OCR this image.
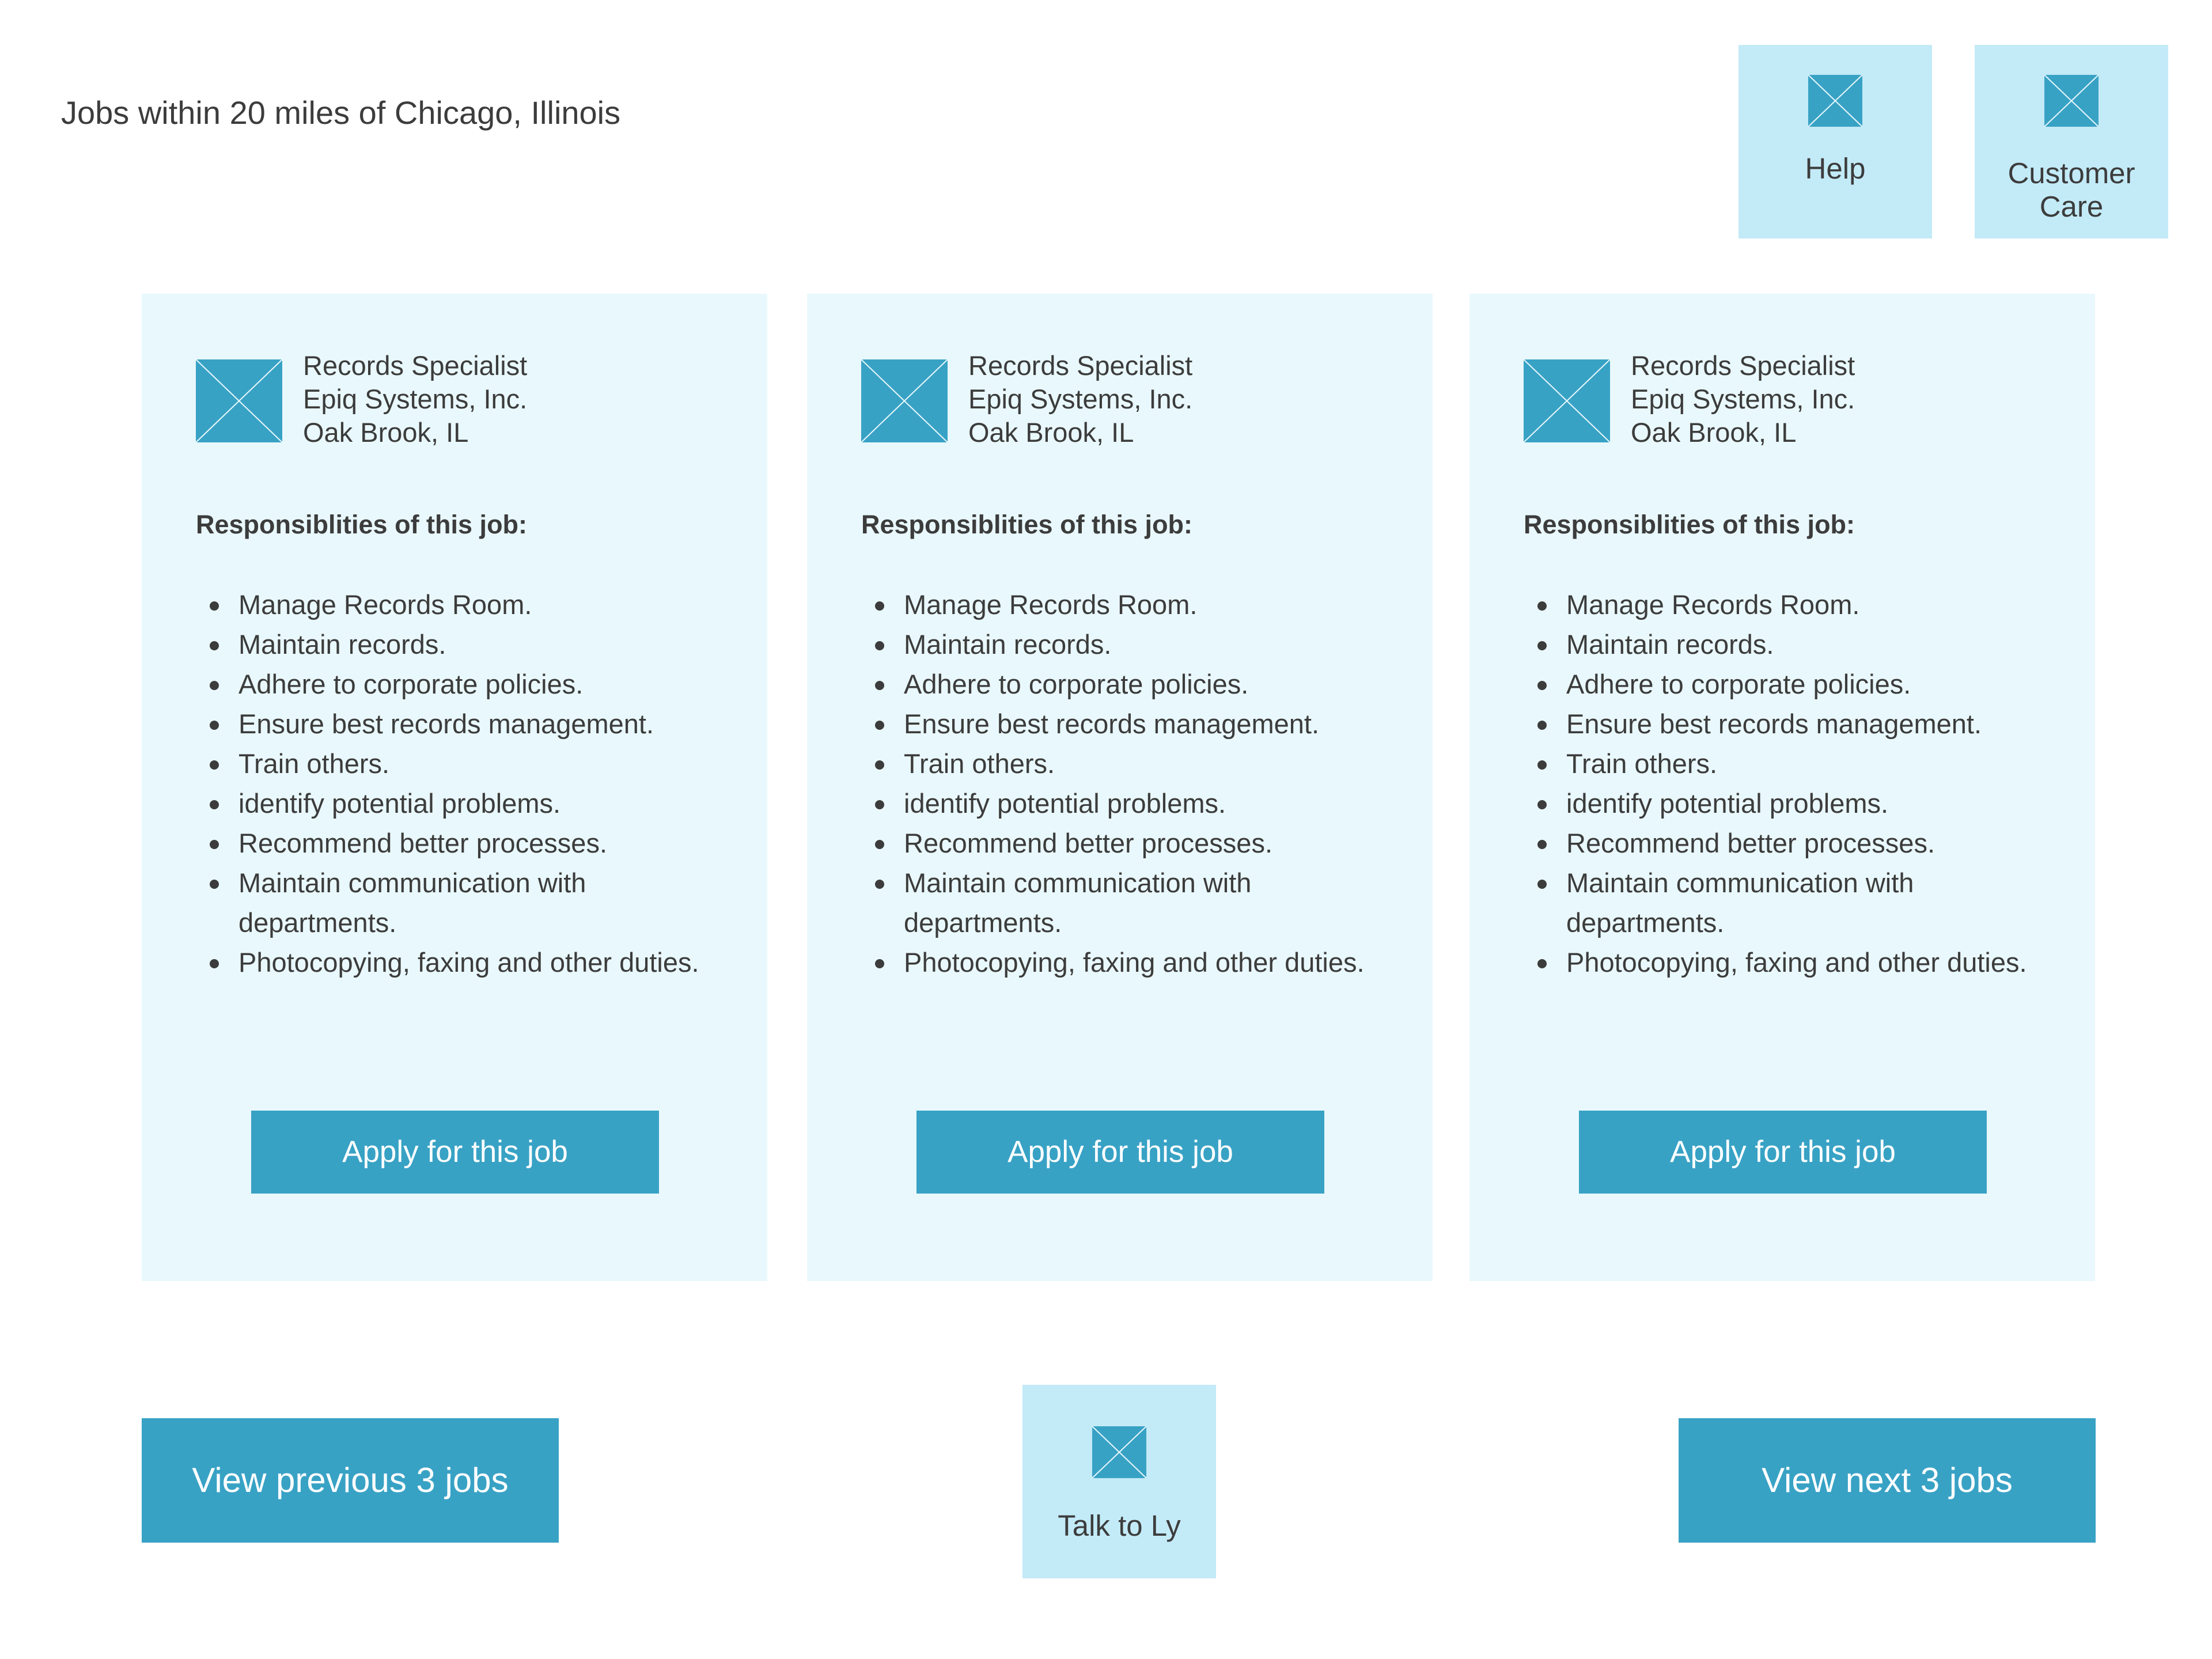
Jobs within 20 miles of Chicago, Illinois
Help	Customer
Care
Records Specialist
Epiq Systems, Inc.
Oak Brook, IL

Responsiblities of this job:

Manage Records Room.
Maintain records.
Adhere to corporate policies.
Ensure best records management.
Train others.
identify potential problems.
Recommend better processes.
Maintain communication with departments.
Photocopying, faxing and other duties.
Apply for this job
Records Specialist
Epiq Systems, Inc.
Oak Brook, IL

Responsiblities of this job:

Manage Records Room.
Maintain records.
Adhere to corporate policies.
Ensure best records management.
Train others.
identify potential problems.
Recommend better processes.
Maintain communication with departments.
Photocopying, faxing and other duties.
Apply for this job
Records Specialist
Epiq Systems, Inc.
Oak Brook, IL

Responsiblities of this job:

Manage Records Room.
Maintain records.
Adhere to corporate policies.
Ensure best records management.
Train others.
identify potential problems.
Recommend better processes.
Maintain communication with departments.
Photocopying, faxing and other duties.
Apply for this job
View previous 3 jobs	View next 3 jobs
Talk to Ly
